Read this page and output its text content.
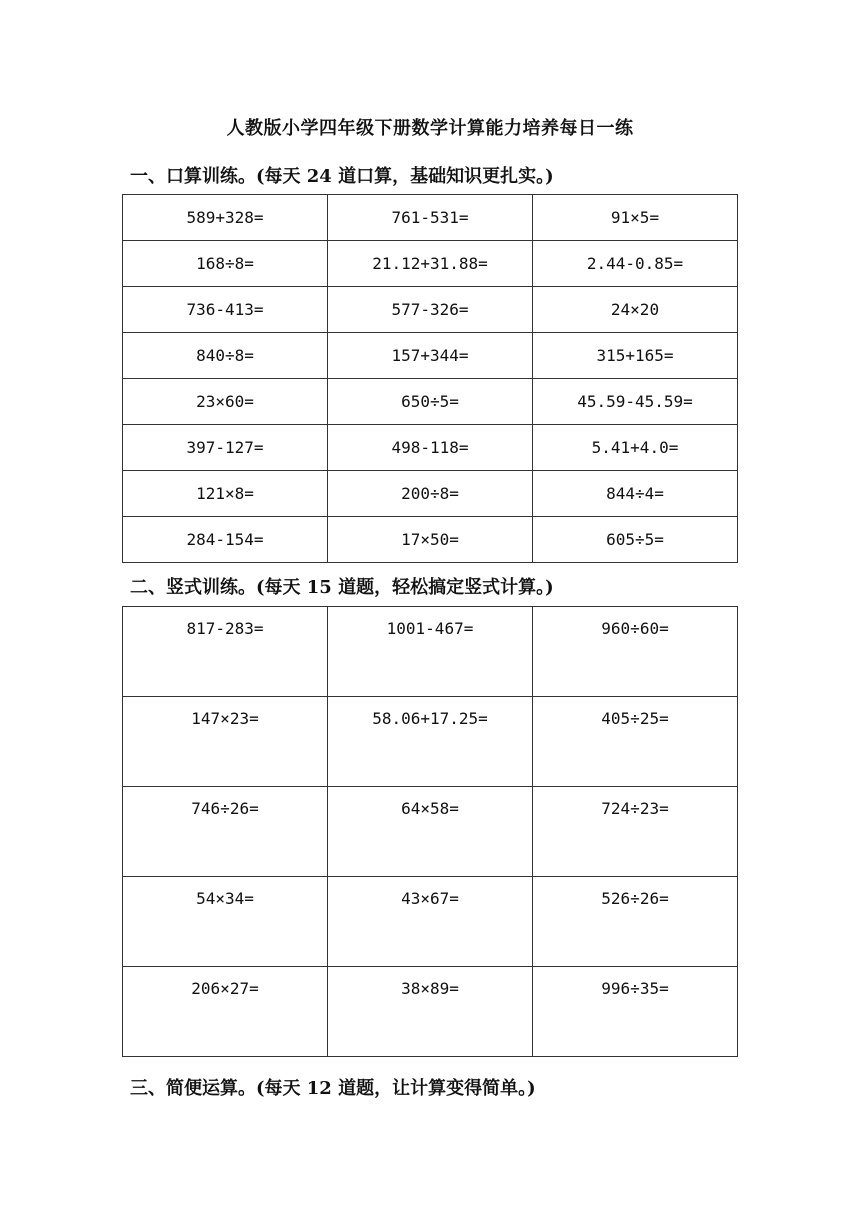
人教版小学四年级下册数学计算能力培养每日一练
一、口算训练。(每天 24 道口算，基础知识更扎实。)
589+328=	761-531=	91×5=
168÷8=	21.12+31.88=	2.44-0.85=
736-413=	577-326=	24×20
840÷8=	157+344=	315+165=
23×60=	650÷5=	45.59-45.59=
397-127=	498-118=	5.41+4.0=
121×8=	200÷8=	844÷4=
284-154=	17×50=	605÷5=
二、竖式训练。(每天 15 道题，轻松搞定竖式计算。)
817-283=	1001-467=	960÷60=
147×23=	58.06+17.25=	405÷25=
746÷26=	64×58=	724÷23=
54×34=	43×67=	526÷26=
206×27=	38×89=	996÷35=
三、简便运算。(每天 12 道题，让计算变得简单。)
